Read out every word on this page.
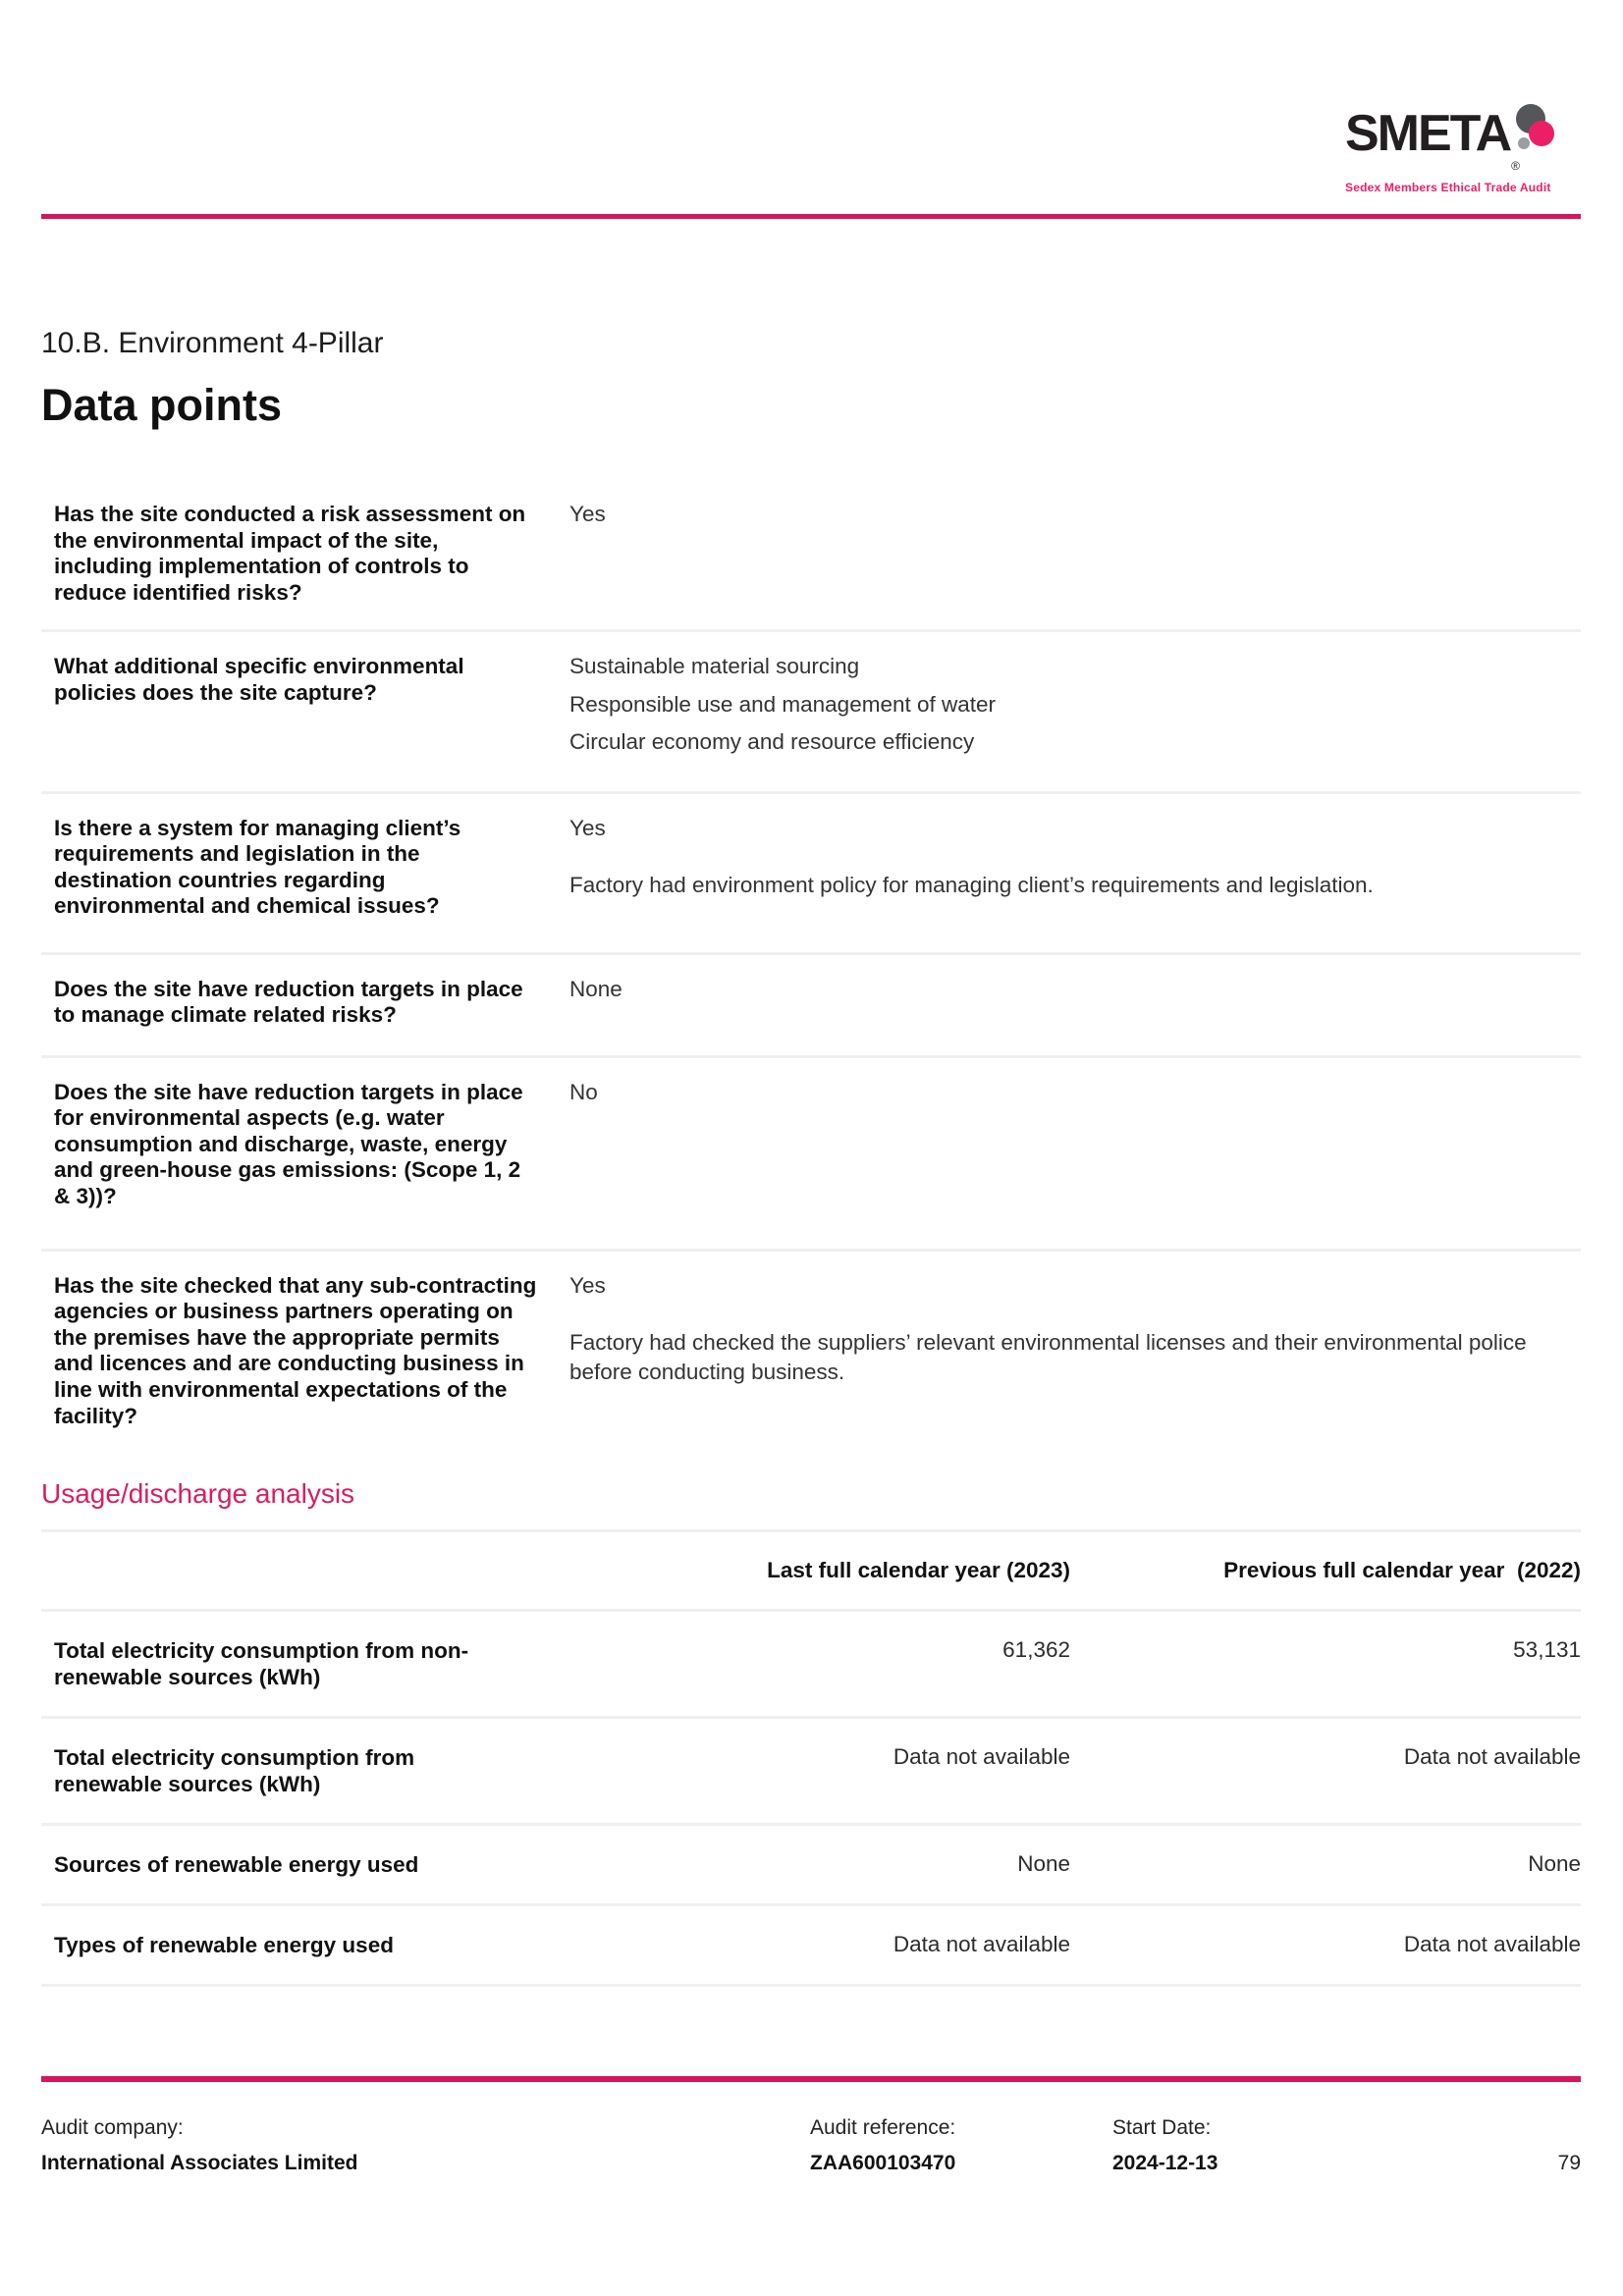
SMETA
®
Sedex Members Ethical Trade Audit
10.B. Environment 4-Pillar
Data points
Has the site conducted a risk assessment on the environmental impact of the site, including implementation of controls to reduce identified risks?
Yes
What additional specific environmental policies does the site capture?
Sustainable material sourcing
Responsible use and management of water
Circular economy and resource efficiency
Is there a system for managing client’s requirements and legislation in the destination countries regarding environmental and chemical issues?
Yes
Factory had environment policy for managing client’s requirements and legislation.
Does the site have reduction targets in place to manage climate related risks?
None
Does the site have reduction targets in place for environmental aspects (e.g. water consumption and discharge, waste, energy and green-house gas emissions: (Scope 1, 2 & 3))?
No
Has the site checked that any sub-contracting agencies or business partners operating on the premises have the appropriate permits and licences and are conducting business in line with environmental expectations of the facility?
Yes
Factory had checked the suppliers’ relevant environmental licenses and their environmental police before conducting business.
Usage/discharge analysis
Last full calendar year (2023)	Previous full calendar year  (2022)
Total electricity consumption from non-renewable sources (kWh)
61,362	53,131
Total electricity consumption from renewable sources (kWh)
Data not available	Data not available
Sources of renewable energy used	None	None
Types of renewable energy used	Data not available	Data not available
Audit company:
International Associates Limited
Audit reference:
ZAA600103470
Start Date:
2024-12-13	79
